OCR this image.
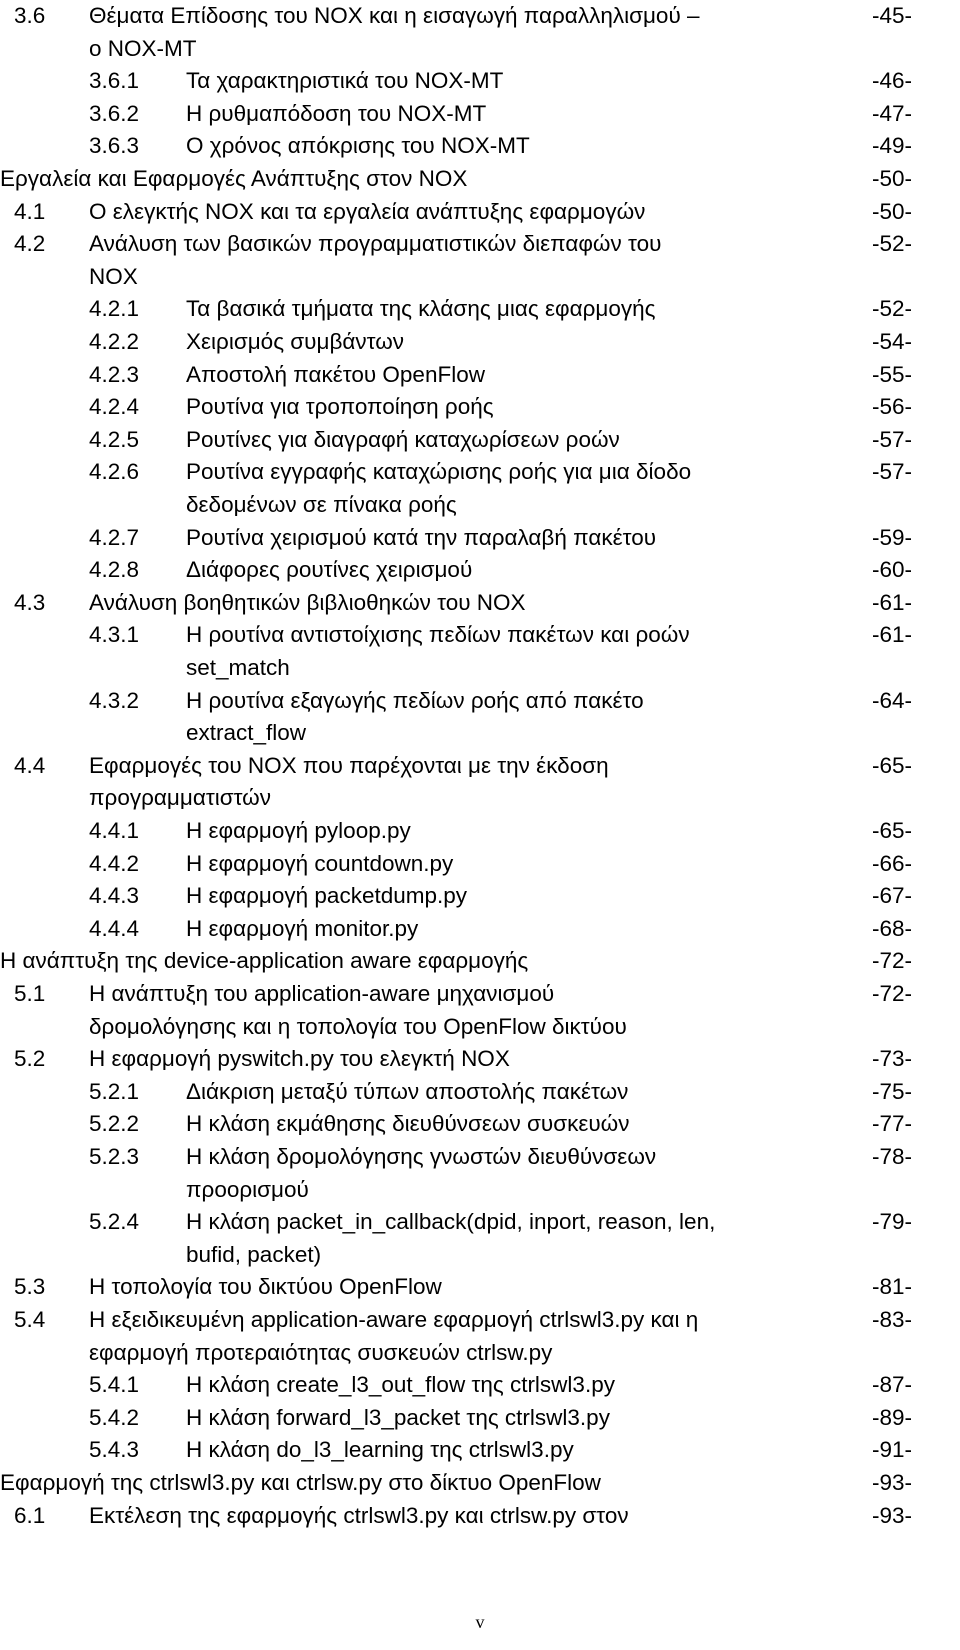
3.6 Θέματα Επίδοσης του NOX και η εισαγωγή παραλληλισμού –	-45-
ο NOX-MT
3.6.1 Τα χαρακτηριστικά του NOX-MT	-46-
3.6.2 Η ρυθμαπόδοση του NOX-MT	-47-
3.6.3 Ο χρόνος απόκρισης του NOX-MT	-49-
Εργαλεία και Εφαρμογές Ανάπτυξης στον NOX	-50-
4.1 Ο ελεγκτής NOX και τα εργαλεία ανάπτυξης εφαρμογών	-50-
4.2 Ανάλυση των βασικών προγραμματιστικών διεπαφών του	-52-
NOX
4.2.1 Τα βασικά τμήματα της κλάσης μιας εφαρμογής	-52-
4.2.2 Χειρισμός συμβάντων	-54-
4.2.3 Αποστολή πακέτου OpenFlow	-55-
4.2.4 Ρουτίνα για τροποποίηση ροής	-56-
4.2.5 Ρουτίνες για διαγραφή καταχωρίσεων ροών	-57-
4.2.6 Ρουτίνα εγγραφής καταχώρισης ροής για μια δίοδο	-57-
δεδομένων σε πίνακα ροής
4.2.7 Ρουτίνα χειρισμού κατά την παραλαβή πακέτου	-59-
4.2.8 Διάφορες ρουτίνες χειρισμού	-60-
4.3 Ανάλυση βοηθητικών βιβλιοθηκών του NOX	-61-
4.3.1 Η ρουτίνα αντιστοίχισης πεδίων πακέτων και ροών	-61-
set_match
4.3.2 Η ρουτίνα εξαγωγής πεδίων ροής από πακέτο	-64-
extract_flow
4.4 Εφαρμογές του NOX που παρέχονται με την έκδοση	-65-
προγραμματιστών
4.4.1 Η εφαρμογή pyloop.py	-65-
4.4.2 Η εφαρμογή countdown.py	-66-
4.4.3 Η εφαρμογή packetdump.py	-67-
4.4.4 Η εφαρμογή monitor.py	-68-
Η ανάπτυξη της device-application aware εφαρμογής	-72-
5.1 Η ανάπτυξη του application-aware μηχανισμού	-72-
δρομολόγησης και η τοπολογία του OpenFlow δικτύου
5.2 Η εφαρμογή pyswitch.py του ελεγκτή NOX	-73-
5.2.1 Διάκριση μεταξύ τύπων αποστολής πακέτων	-75-
5.2.2 Η κλάση εκμάθησης διευθύνσεων συσκευών	-77-
5.2.3 Η κλάση δρομολόγησης γνωστών διευθύνσεων	-78-
προορισμού
5.2.4 Η κλάση packet_in_callback(dpid, inport, reason, len,	-79-
bufid, packet)
5.3 Η τοπολογία του δικτύου OpenFlow	-81-
5.4 Η εξειδικευμένη application-aware εφαρμογή ctrlswl3.py και η	-83-
εφαρμογή προτεραιότητας συσκευών ctrlsw.py
5.4.1 Η κλάση create_l3_out_flow της ctrlswl3.py	-87-
5.4.2 Η κλάση forward_l3_packet της ctrlswl3.py	-89-
5.4.3 Η κλάση do_l3_learning της ctrlswl3.py	-91-
Εφαρμογή της ctrlswl3.py και ctrlsw.py στο δίκτυο OpenFlow	-93-
6.1 Εκτέλεση της εφαρμογής ctrlswl3.py και ctrlsw.py στον	-93-
v
